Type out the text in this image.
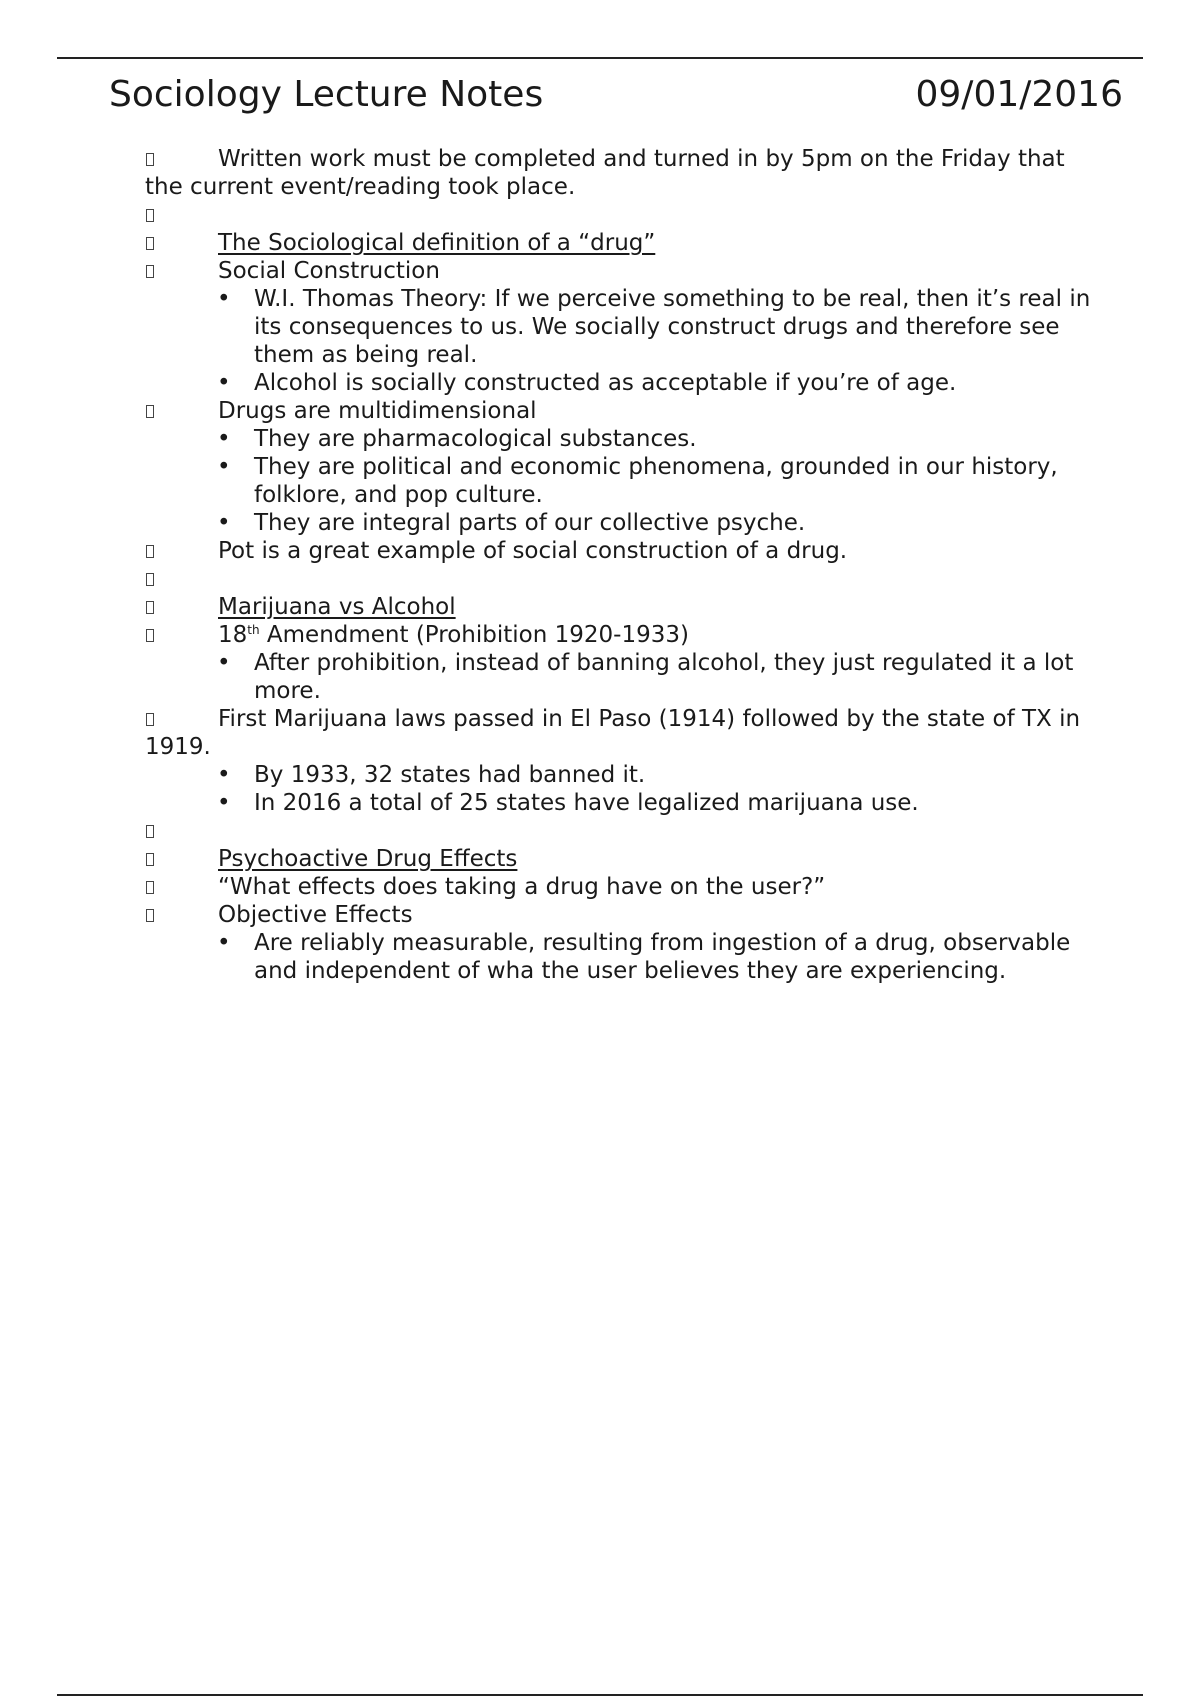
Sociology Lecture Notes	09/01/2016
Written work must be completed and turned in by 5pm on the Friday that the current event/reading took place.
The Sociological definition of a “drug”
Social Construction
• W.I. Thomas Theory: If we perceive something to be real, then it’s real in its consequences to us. We socially construct drugs and therefore see them as being real.
• Alcohol is socially constructed as acceptable if you’re of age.
Drugs are multidimensional
• They are pharmacological substances.
• They are political and economic phenomena, grounded in our history, folklore, and pop culture.
• They are integral parts of our collective psyche.
Pot is a great example of social construction of a drug.
Marijuana vs Alcohol
18th Amendment (Prohibition 1920-1933)
• After prohibition, instead of banning alcohol, they just regulated it a lot more.
First Marijuana laws passed in El Paso (1914) followed by the state of TX in 1919.
• By 1933, 32 states had banned it.
• In 2016 a total of 25 states have legalized marijuana use.
Psychoactive Drug Effects
“What effects does taking a drug have on the user?”
Objective Effects
• Are reliably measurable, resulting from ingestion of a drug, observable and independent of wha the user believes they are experiencing.
